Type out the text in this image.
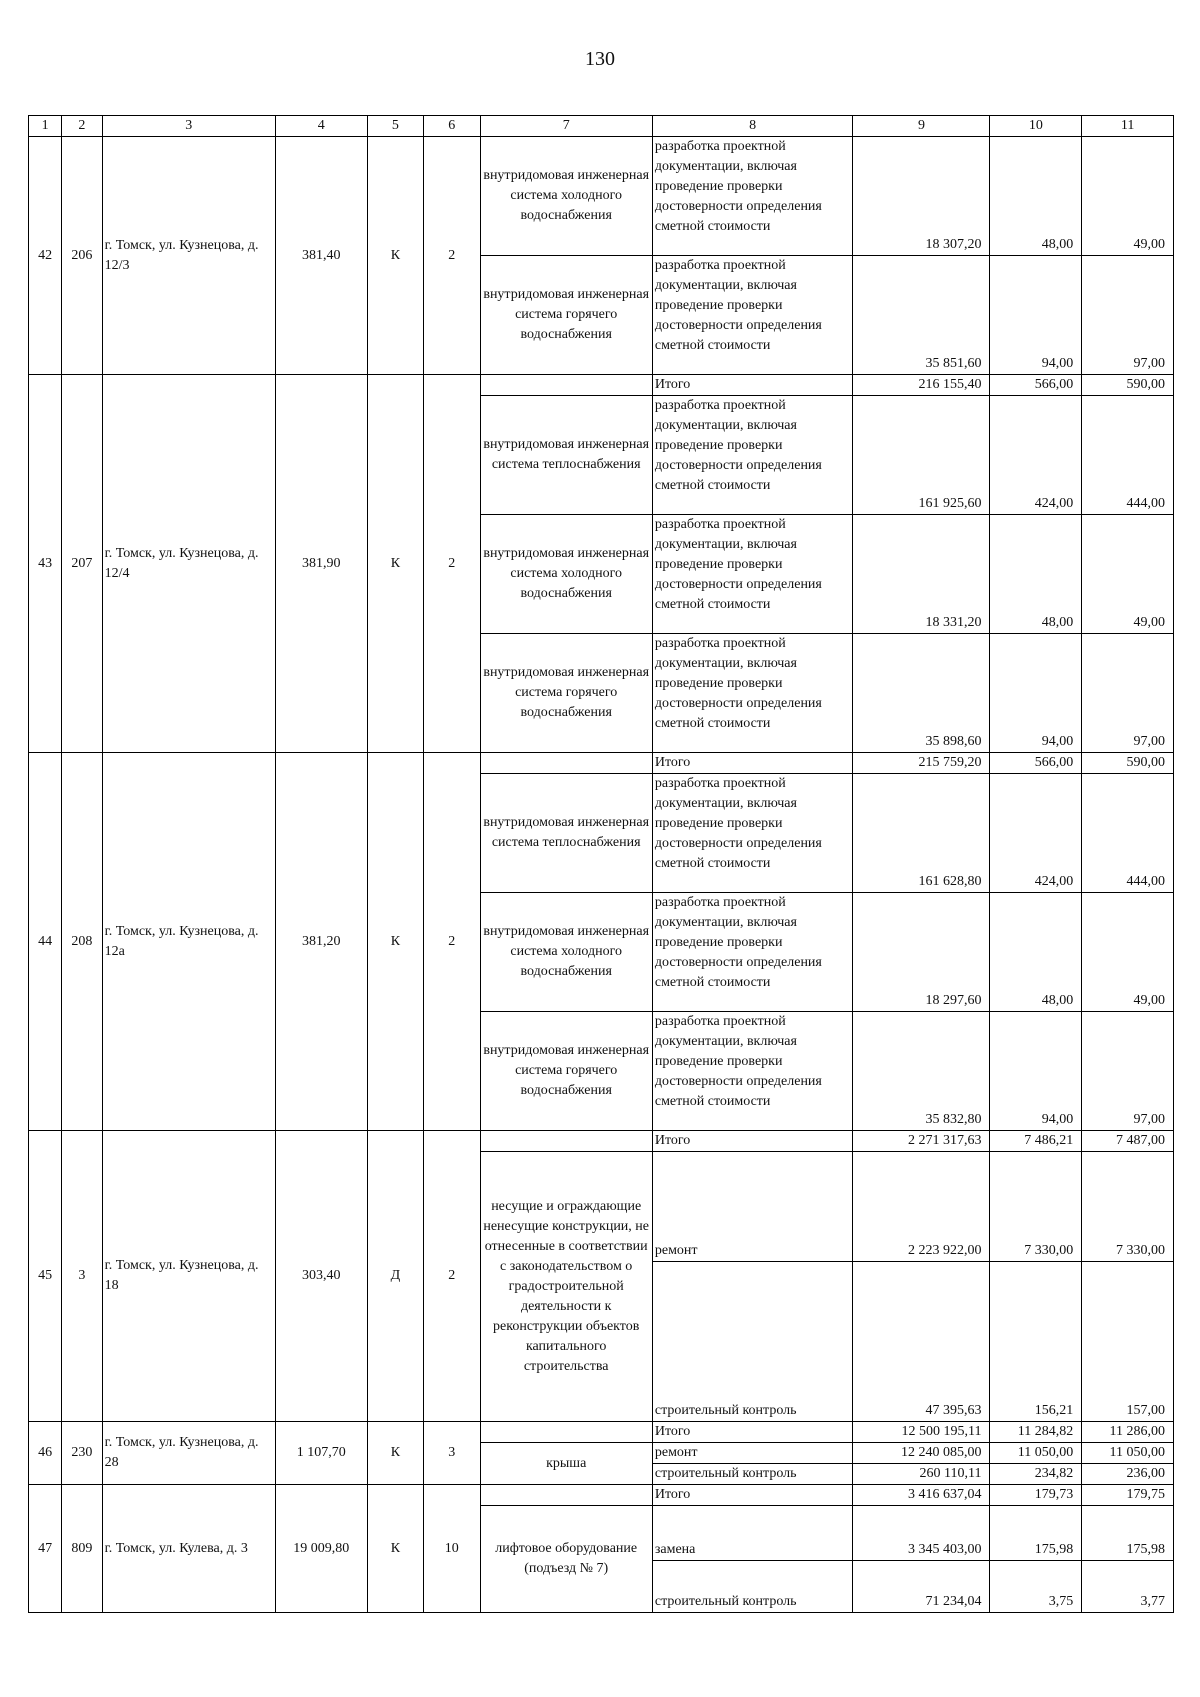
130
1	2	3	4	5	6	7	8	9	10	11
42	206	г. Томск, ул. Кузнецова, д. 12/3	381,40	К	2	внутридомовая инженерная система холодного водоснабжения	разработка проектной документации, включая проведение проверки достоверности определения сметной стоимости	18 307,20	48,00	49,00
						внутридомовая инженерная система горячего водоснабжения	разработка проектной документации, включая проведение проверки достоверности определения сметной стоимости	35 851,60	94,00	97,00
43	207	г. Томск, ул. Кузнецова, д. 12/4	381,90	К	2		Итого	216 155,40	566,00	590,00
						внутридомовая инженерная система теплоснабжения	разработка проектной документации, включая проведение проверки достоверности определения сметной стоимости	161 925,60	424,00	444,00
						внутридомовая инженерная система холодного водоснабжения	разработка проектной документации, включая проведение проверки достоверности определения сметной стоимости	18 331,20	48,00	49,00
						внутридомовая инженерная система горячего водоснабжения	разработка проектной документации, включая проведение проверки достоверности определения сметной стоимости	35 898,60	94,00	97,00
44	208	г. Томск, ул. Кузнецова, д. 12а	381,20	К	2		Итого	215 759,20	566,00	590,00
						внутридомовая инженерная система теплоснабжения	разработка проектной документации, включая проведение проверки достоверности определения сметной стоимости	161 628,80	424,00	444,00
						внутридомовая инженерная система холодного водоснабжения	разработка проектной документации, включая проведение проверки достоверности определения сметной стоимости	18 297,60	48,00	49,00
						внутридомовая инженерная система горячего водоснабжения	разработка проектной документации, включая проведение проверки достоверности определения сметной стоимости	35 832,80	94,00	97,00
45	3	г. Томск, ул. Кузнецова, д. 18	303,40	Д	2		Итого	2 271 317,63	7 486,21	7 487,00
						несущие и ограждающие ненесущие конструкции, не отнесенные в соответствии с законодательством о градостроительной деятельности к реконструкции объектов капитального строительства	ремонт	2 223 922,00	7 330,00	7 330,00
							строительный контроль	47 395,63	156,21	157,00
46	230	г. Томск, ул. Кузнецова, д. 28	1 107,70	К	3		Итого	12 500 195,11	11 284,82	11 286,00
						крыша	ремонт	12 240 085,00	11 050,00	11 050,00
							строительный контроль	260 110,11	234,82	236,00
47	809	г. Томск, ул. Кулева, д. 3	19 009,80	К	10		Итого	3 416 637,04	179,73	179,75
						лифтовое оборудование (подъезд № 7)	замена	3 345 403,00	175,98	175,98
							строительный контроль	71 234,04	3,75	3,77
